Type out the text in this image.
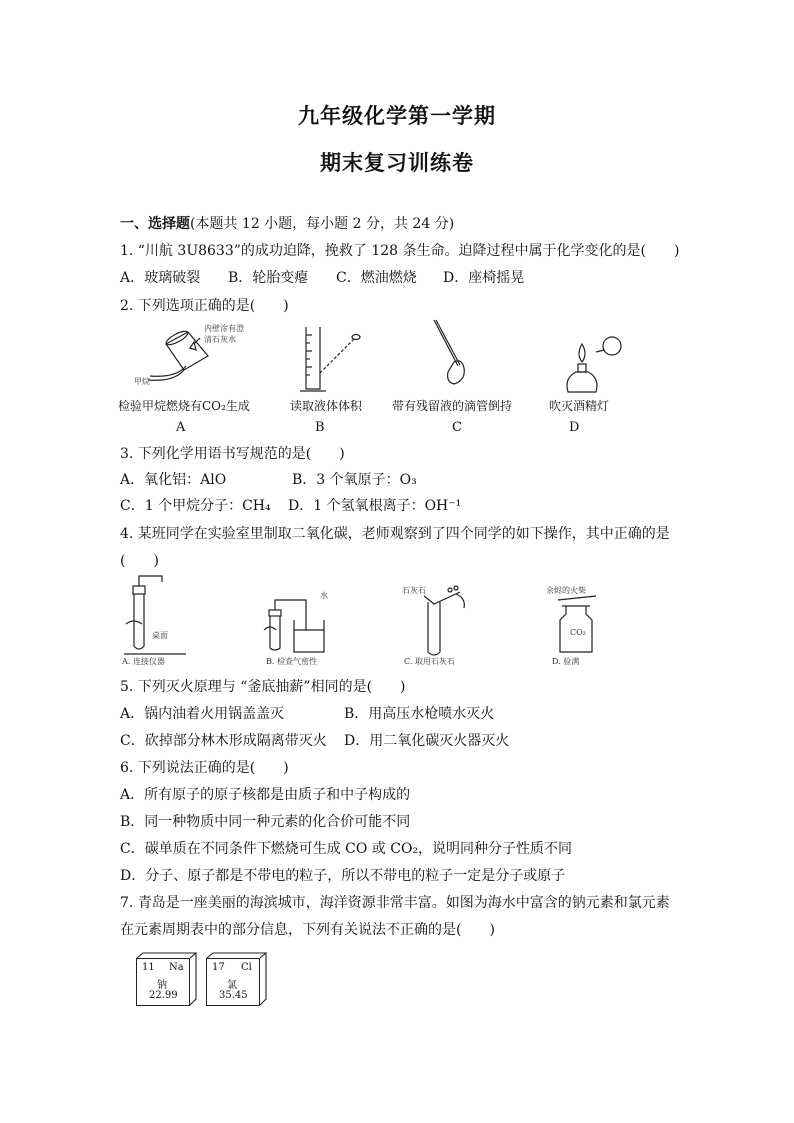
九年级化学第一学期
期末复习训练卷
一、选择题(本题共 12 小题，每小题 2 分，共 24 分)
1. “川航 3U8633”的成功迫降，挽救了 128 条生命。迫降过程中属于化学变化的是(　　)
A．玻璃破裂 B．轮胎变瘪 C．燃油燃烧 D．座椅摇晃
2. 下列选项正确的是(　　)
内壁涂有澄
清石灰水
甲烷
检验甲烷燃烧有CO₂生成	读取液体体积 带有残留液的滴管倒持	吹灭酒精灯
A	B	C	D
3. 下列化学用语书写规范的是(　　)
A．氧化铝：AlO	B．3 个氧原子：O₃
C．1 个甲烷分子：CH₄ D．1 个氢氧根离子：OH⁻¹
4. 某班同学在实验室里制取二氧化碳，老师观察到了四个同学的如下操作，其中正确的是
(　　)
桌面
水
石灰石	余烬的火柴
CO₂
A. 连接仪器	B. 检查气密性	C. 取用石灰石	D. 验满
5. 下列灭火原理与 “釜底抽薪”相同的是(　　)
A．锅内油着火用锅盖盖灭	B．用高压水枪喷水灭火
C．砍掉部分林木形成隔离带灭火 D．用二氧化碳灭火器灭火
6. 下列说法正确的是(　　)
A．所有原子的原子核都是由质子和中子构成的
B．同一种物质中同一种元素的化合价可能不同
C．碳单质在不同条件下燃烧可生成 CO 或 CO₂，说明同种分子性质不同
D．分子、原子都是不带电的粒子，所以不带电的粒子一定是分子或原子
7. 青岛是一座美丽的海滨城市，海洋资源非常丰富。如图为海水中富含的钠元素和氯元素
在元素周期表中的部分信息，下列有关说法不正确的是(　　)
11 Na
钠
22.99
17 Cl
氯
35.45
